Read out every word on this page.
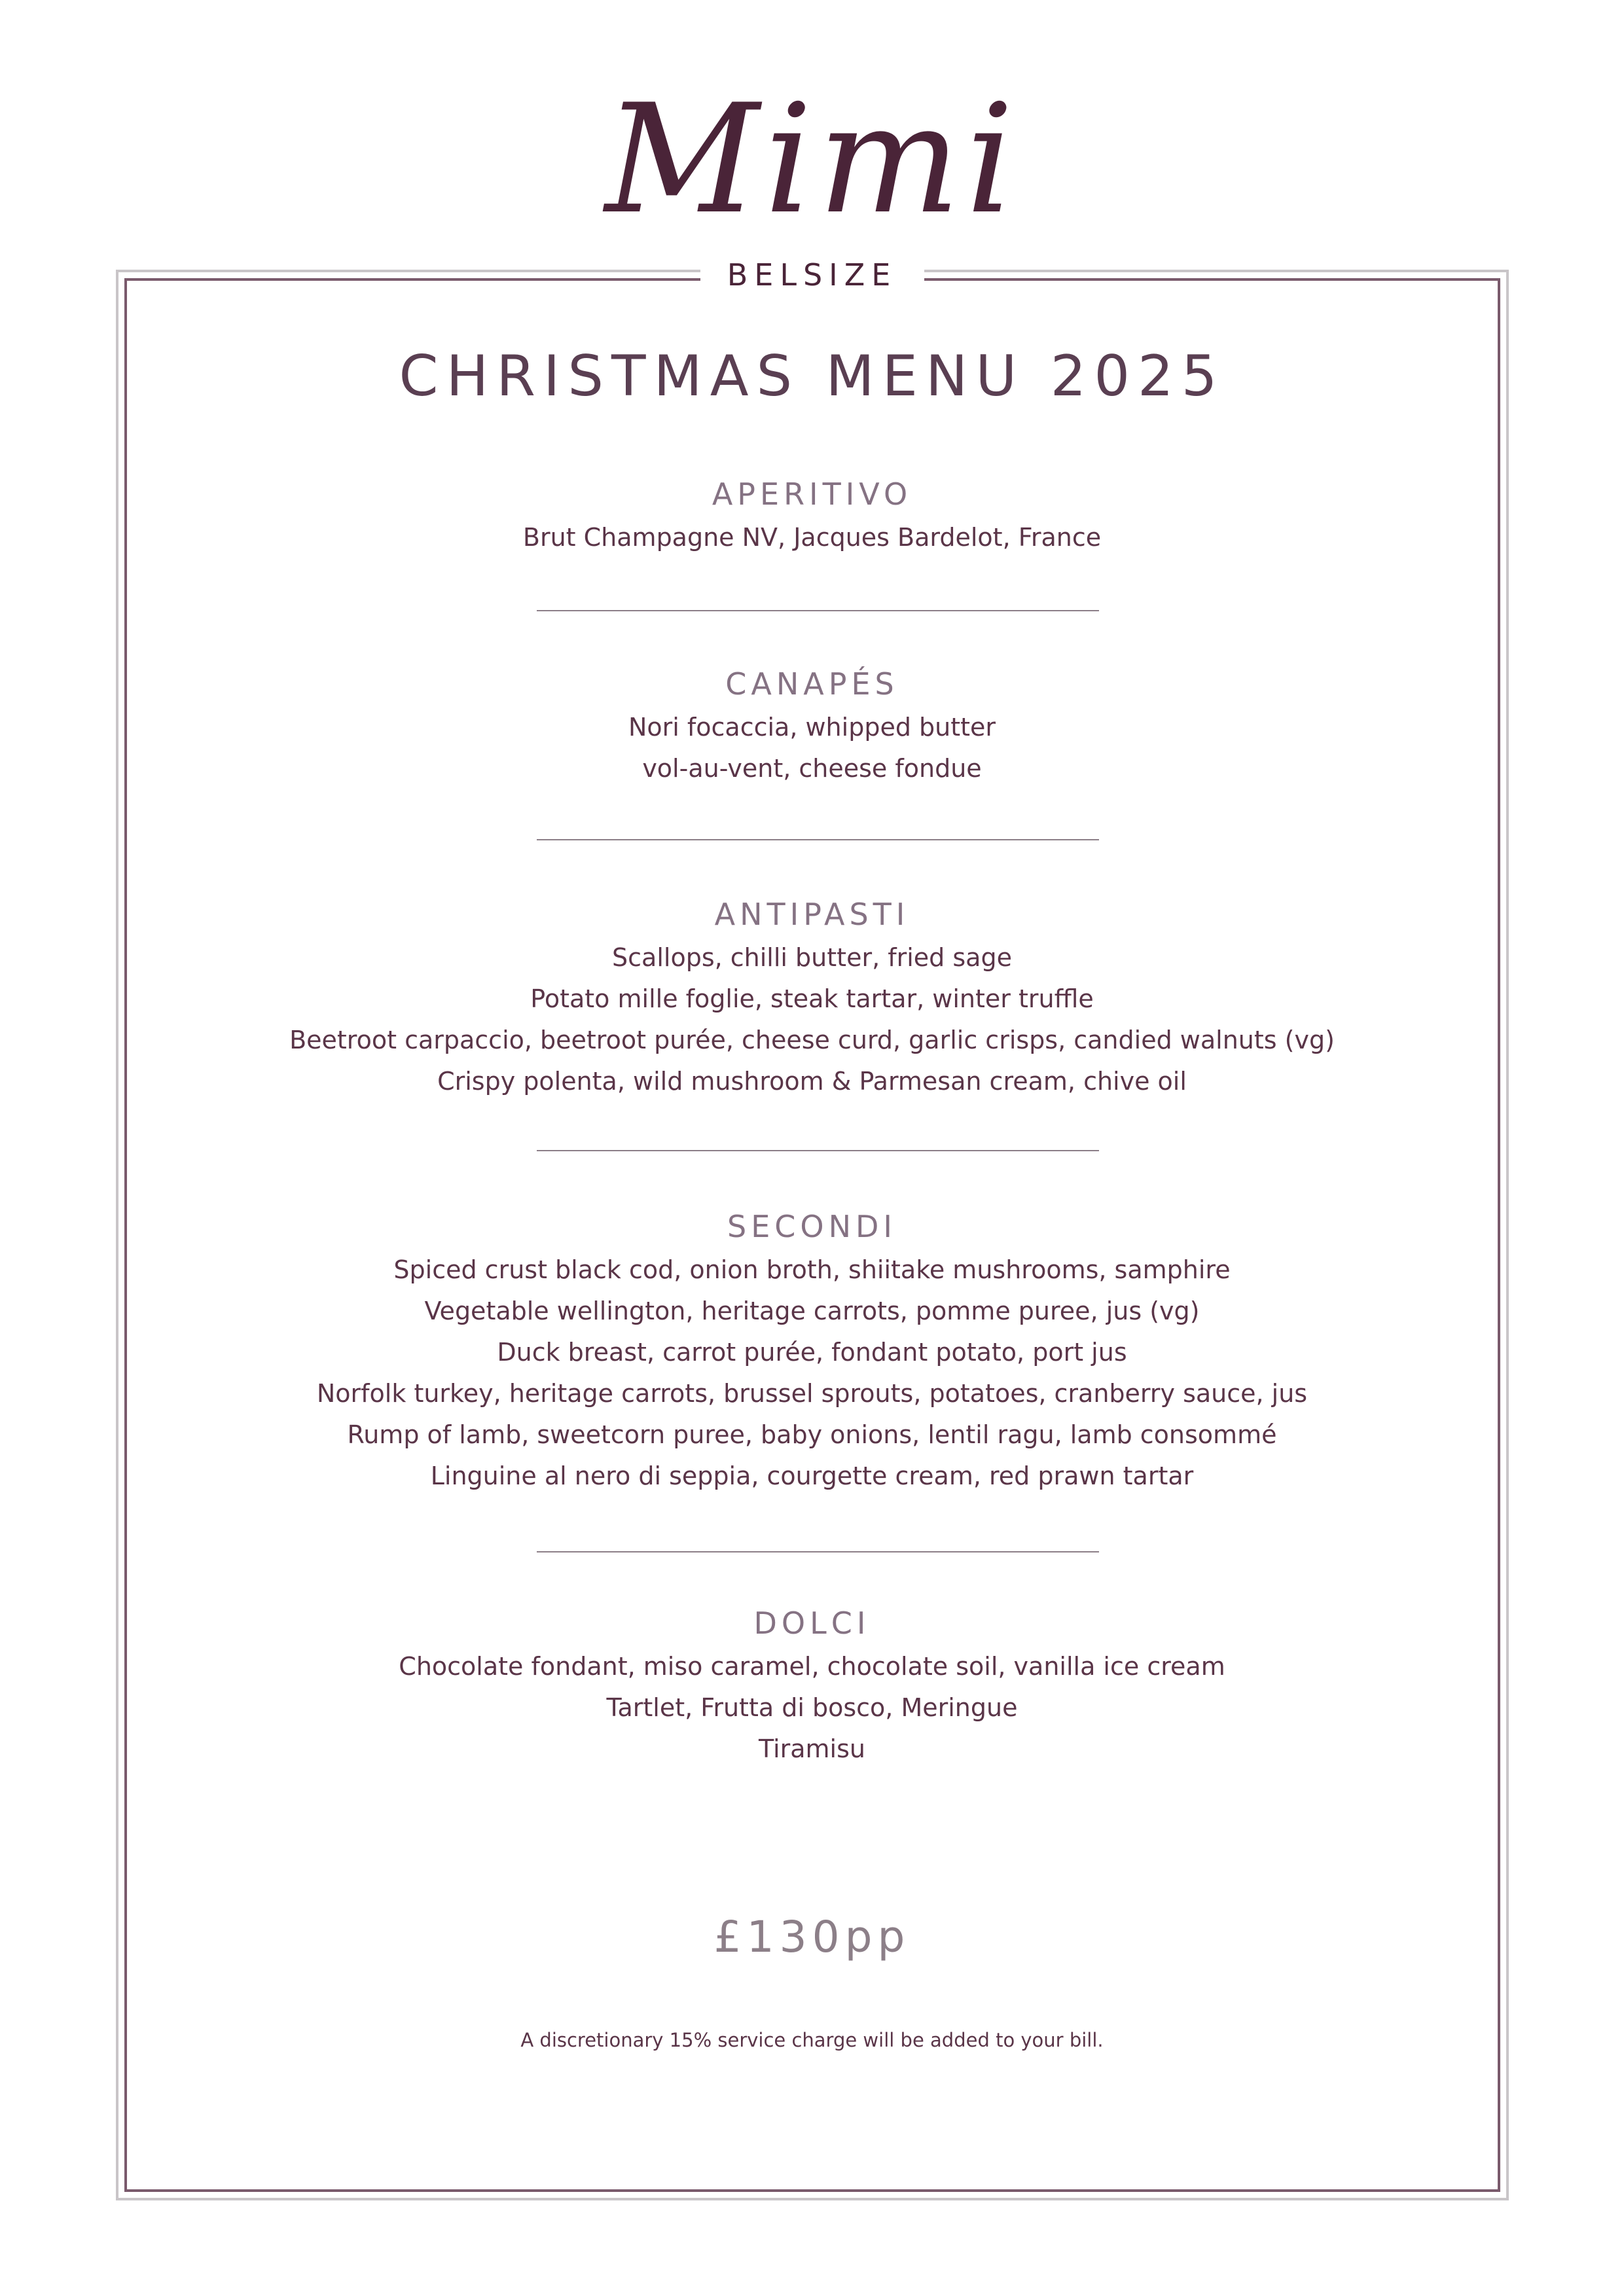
Mimi
BELSIZE
CHRISTMAS MENU 2025
APERITIVO
Brut Champagne NV, Jacques Bardelot, France
CANAPÉS
Nori focaccia, whipped butter
vol-au-vent, cheese fondue
ANTIPASTI
Scallops, chilli butter, fried sage
Potato mille foglie, steak tartar, winter truffle
Beetroot carpaccio, beetroot purée, cheese curd, garlic crisps, candied walnuts (vg)
Crispy polenta, wild mushroom & Parmesan cream, chive oil
SECONDI
Spiced crust black cod, onion broth, shiitake mushrooms, samphire
Vegetable wellington, heritage carrots, pomme puree, jus (vg)
Duck breast, carrot purée, fondant potato, port jus
Norfolk turkey, heritage carrots, brussel sprouts, potatoes, cranberry sauce, jus
Rump of lamb, sweetcorn puree, baby onions, lentil ragu, lamb consommé
Linguine al nero di seppia, courgette cream, red prawn tartar
DOLCI
Chocolate fondant, miso caramel, chocolate soil, vanilla ice cream
Tartlet, Frutta di bosco, Meringue
Tiramisu
£130pp
A discretionary 15% service charge will be added to your bill.
